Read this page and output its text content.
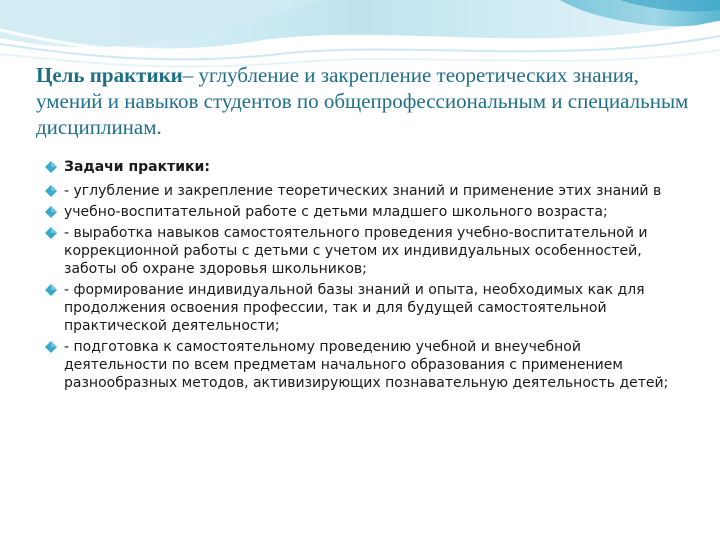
Цель практики– углубление и закрепление теоретических знания, умений и навыков студентов по общепрофессиональным и специальным дисциплинам.

Задачи практики:
- углубление и закрепление теоретических знаний и применение этих знаний в
учебно-воспитательной работе с детьми младшего школьного возраста;
- выработка навыков самостоятельного проведения учебно-воспитательной и коррекционной работы с детьми с учетом их индивидуальных особенностей, заботы об охране здоровья школьников;
- формирование индивидуальной базы знаний и опыта, необходимых как для продолжения освоения профессии, так и для будущей самостоятельной практической деятельности;
- подготовка к самостоятельному проведению учебной и внеучебной деятельности по всем предметам начального образования с применением разнообразных методов, активизирующих познавательную деятельность детей;
